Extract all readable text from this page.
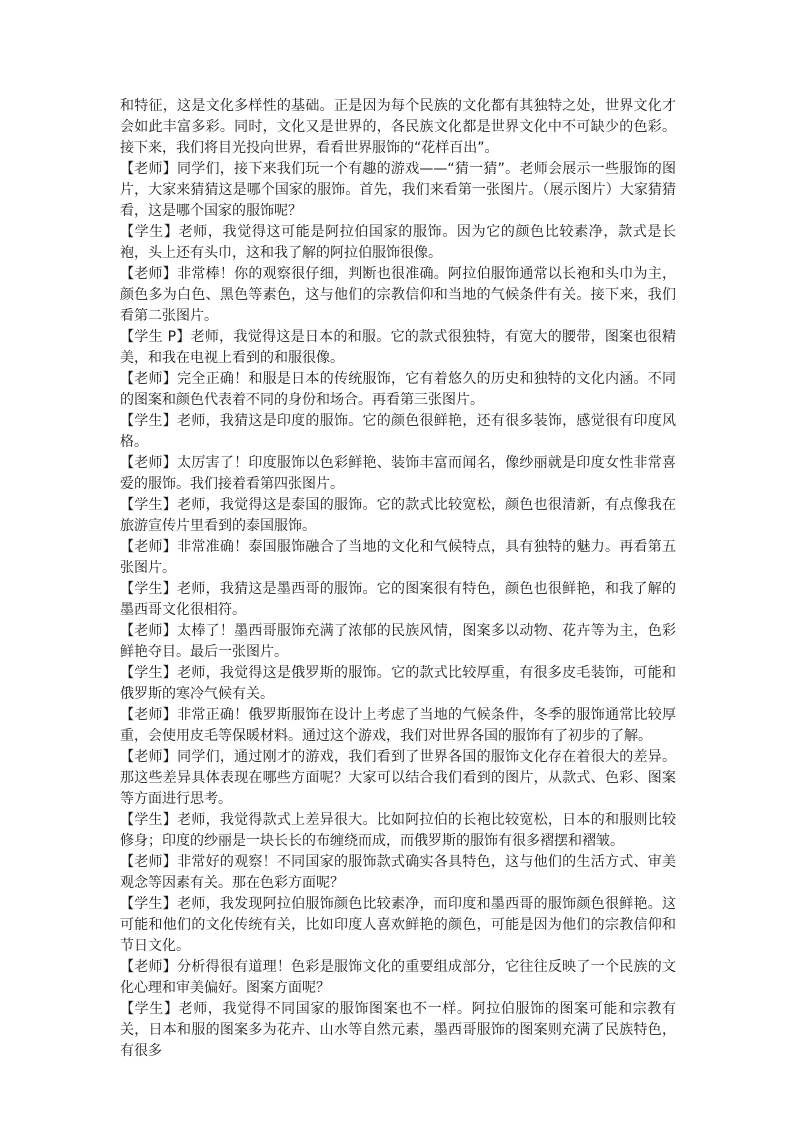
和特征，这是文化多样性的基础。正是因为每个民族的文化都有其独特之处，世界文化才会如此丰富多彩。同时，文化又是世界的，各民族文化都是世界文化中不可缺少的色彩。接下来，我们将目光投向世界，看看世界服饰的“花样百出”。

【老师】同学们，接下来我们玩一个有趣的游戏——“猜一猜”。老师会展示一些服饰的图片，大家来猜猜这是哪个国家的服饰。首先，我们来看第一张图片。（展示图片）大家猜猜看，这是哪个国家的服饰呢？

【学生】老师，我觉得这可能是阿拉伯国家的服饰。因为它的颜色比较素净，款式是长袍，头上还有头巾，这和我了解的阿拉伯服饰很像。

【老师】非常棒！你的观察很仔细，判断也很准确。阿拉伯服饰通常以长袍和头巾为主，颜色多为白色、黑色等素色，这与他们的宗教信仰和当地的气候条件有关。接下来，我们看第二张图片。

【学生 P】老师，我觉得这是日本的和服。它的款式很独特，有宽大的腰带，图案也很精美，和我在电视上看到的和服很像。

【老师】完全正确！和服是日本的传统服饰，它有着悠久的历史和独特的文化内涵。不同的图案和颜色代表着不同的身份和场合。再看第三张图片。

【学生】老师，我猜这是印度的服饰。它的颜色很鲜艳，还有很多装饰，感觉很有印度风格。

【老师】太厉害了！印度服饰以色彩鲜艳、装饰丰富而闻名，像纱丽就是印度女性非常喜爱的服饰。我们接着看第四张图片。

【学生】老师，我觉得这是泰国的服饰。它的款式比较宽松，颜色也很清新，有点像我在旅游宣传片里看到的泰国服饰。

【老师】非常准确！泰国服饰融合了当地的文化和气候特点，具有独特的魅力。再看第五张图片。

【学生】老师，我猜这是墨西哥的服饰。它的图案很有特色，颜色也很鲜艳，和我了解的墨西哥文化很相符。

【老师】太棒了！墨西哥服饰充满了浓郁的民族风情，图案多以动物、花卉等为主，色彩鲜艳夺目。最后一张图片。

【学生】老师，我觉得这是俄罗斯的服饰。它的款式比较厚重，有很多皮毛装饰，可能和俄罗斯的寒冷气候有关。

【老师】非常正确！俄罗斯服饰在设计上考虑了当地的气候条件，冬季的服饰通常比较厚重，会使用皮毛等保暖材料。通过这个游戏，我们对世界各国的服饰有了初步的了解。

【老师】同学们，通过刚才的游戏，我们看到了世界各国的服饰文化存在着很大的差异。那这些差异具体表现在哪些方面呢？大家可以结合我们看到的图片，从款式、色彩、图案等方面进行思考。

【学生】老师，我觉得款式上差异很大。比如阿拉伯的长袍比较宽松，日本的和服则比较修身；印度的纱丽是一块长长的布缠绕而成，而俄罗斯的服饰有很多褶摆和褶皱。

【老师】非常好的观察！不同国家的服饰款式确实各具特色，这与他们的生活方式、审美观念等因素有关。那在色彩方面呢？

【学生】老师，我发现阿拉伯服饰颜色比较素净，而印度和墨西哥的服饰颜色很鲜艳。这可能和他们的文化传统有关，比如印度人喜欢鲜艳的颜色，可能是因为他们的宗教信仰和节日文化。

【老师】分析得很有道理！色彩是服饰文化的重要组成部分，它往往反映了一个民族的文化心理和审美偏好。图案方面呢？

【学生】老师，我觉得不同国家的服饰图案也不一样。阿拉伯服饰的图案可能和宗教有关，日本和服的图案多为花卉、山水等自然元素，墨西哥服饰的图案则充满了民族特色，有很多
